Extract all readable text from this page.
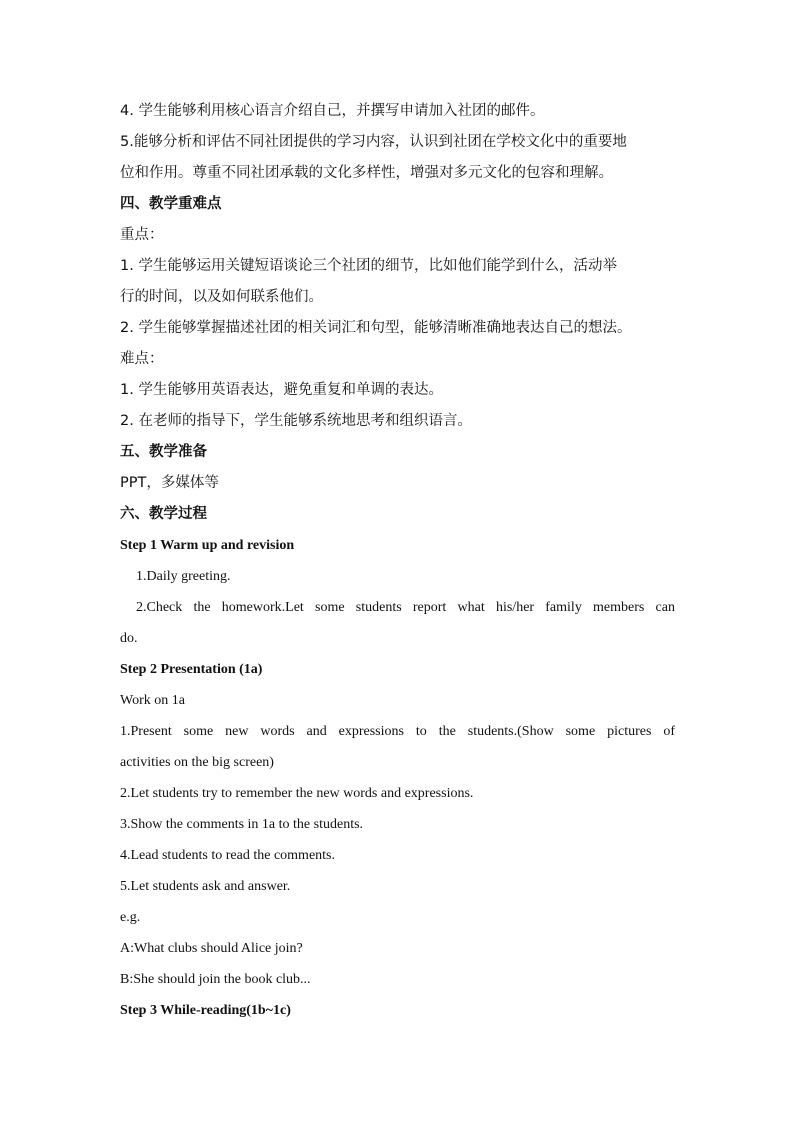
4. 学生能够利用核心语言介绍自己，并撰写申请加入社团的邮件。
5.能够分析和评估不同社团提供的学习内容，认识到社团在学校文化中的重要地
位和作用。尊重不同社团承载的文化多样性，增强对多元文化的包容和理解。
四、教学重难点
重点：
1. 学生能够运用关键短语谈论三个社团的细节，比如他们能学到什么，活动举
行的时间，以及如何联系他们。
2. 学生能够掌握描述社团的相关词汇和句型，能够清晰准确地表达自己的想法。
难点：
1. 学生能够用英语表达，避免重复和单调的表达。
2. 在老师的指导下，学生能够系统地思考和组织语言。
五、教学准备
PPT，多媒体等
六、教学过程
Step 1 Warm up and revision
1.Daily greeting.
2.Check the homework.Let some students report what his/her family members can
do.
Step 2 Presentation (1a)
Work on 1a
1.Present some new words and expressions to the students.(Show some pictures of
activities on the big screen)
2.Let students try to remember the new words and expressions.
3.Show the comments in 1a to the students.
4.Lead students to read the comments.
5.Let students ask and answer.
e.g.
A:What clubs should Alice join?
B:She should join the book club...
Step 3 While-reading(1b~1c)
